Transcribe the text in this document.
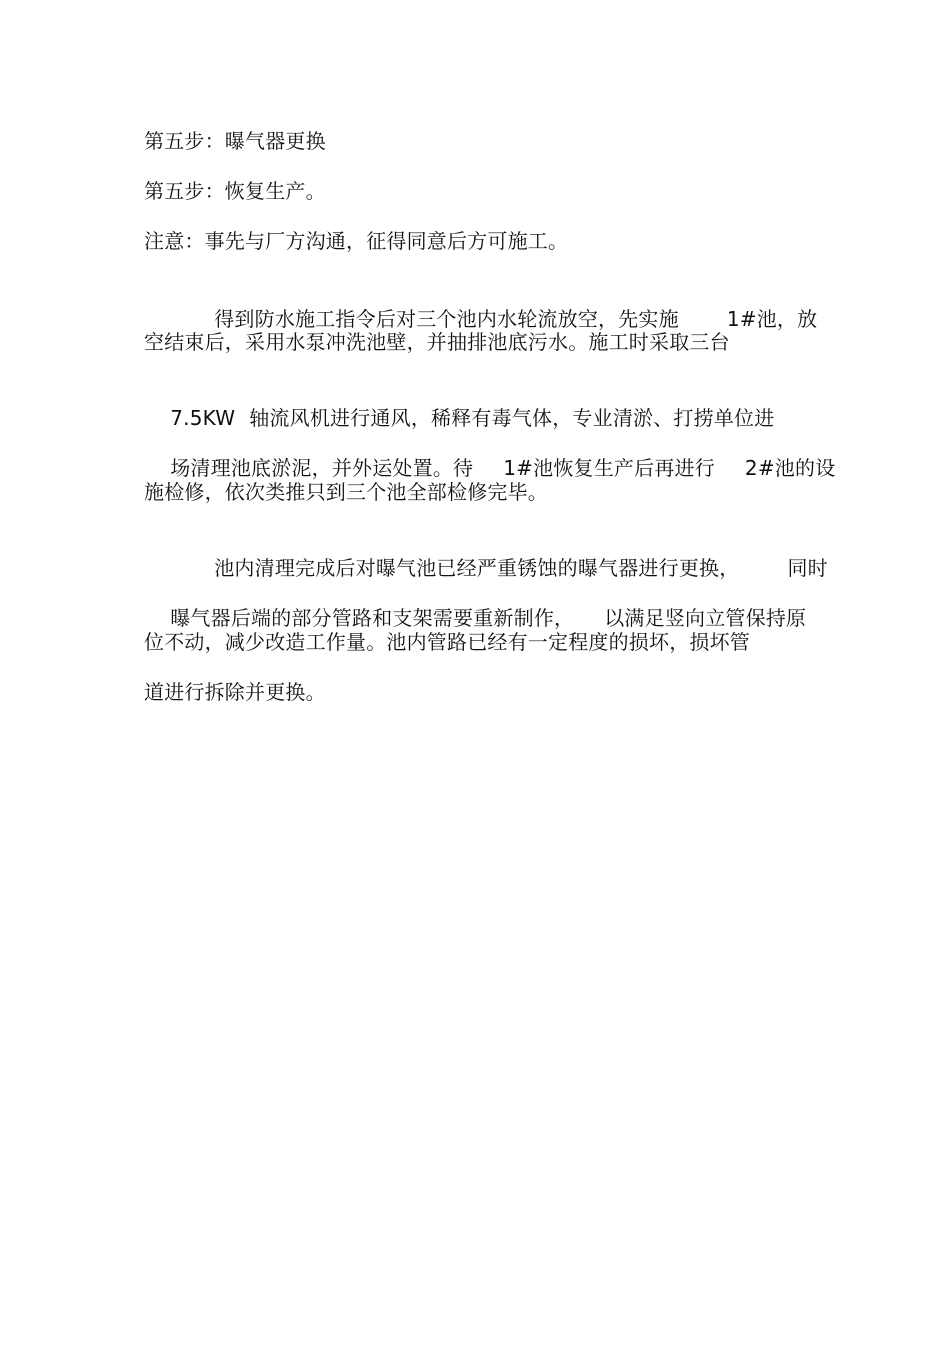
第五步：曝气器更换
第五步：恢复生产。
注意：事先与厂方沟通，征得同意后方可施工。

得到防水施工指令后对三个池内水轮流放空，先实施 1#池，放

空结束后，采用水泵冲洗池壁，并抽排池底污水。施工时采取三台

7.5KW 轴流风机进行通风，稀释有毒气体，专业清淤、打捞单位进

场清理池底淤泥，并外运处置。待 1#池恢复生产后再进行 2#池的设

施检修，依次类推只到三个池全部检修完毕。

池内清理完成后对曝气池已经严重锈蚀的曝气器进行更换， 同时

曝气器后端的部分管路和支架需要重新制作， 以满足竖向立管保持原

位不动，减少改造工作量。池内管路已经有一定程度的损坏，损坏管
道进行拆除并更换。
